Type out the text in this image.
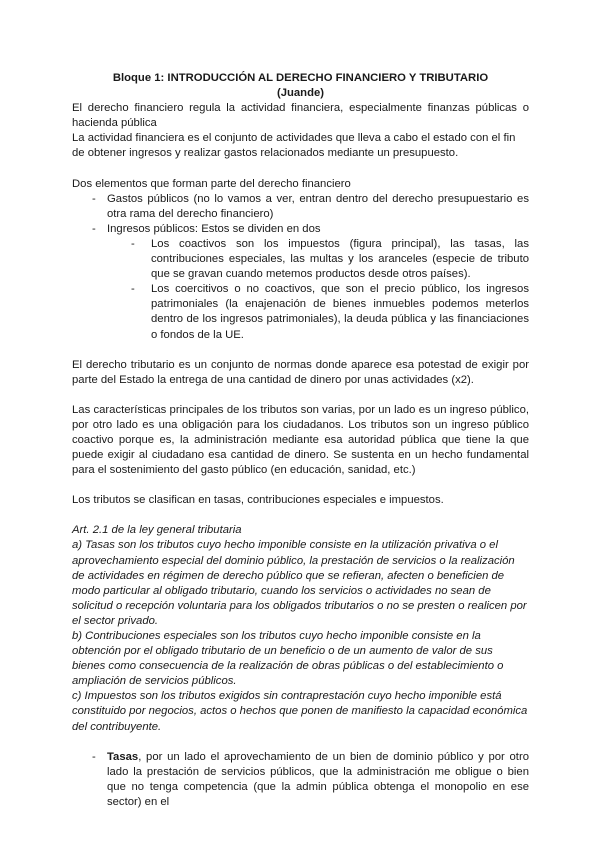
Bloque 1: INTRODUCCIÓN AL DERECHO FINANCIERO Y TRIBUTARIO

(Juande)

El derecho financiero regula la actividad financiera, especialmente finanzas públicas o hacienda pública

La actividad financiera es el conjunto de actividades que lleva a cabo el estado con el fin de obtener ingresos y realizar gastos relacionados mediante un presupuesto.

Dos elementos que forman parte del derecho financiero

- Gastos públicos (no lo vamos a ver, entran dentro del derecho presupuestario es otra rama del derecho financiero)
- Ingresos públicos: Estos se dividen en dos
- Los coactivos son los impuestos (figura principal), las tasas, las contribuciones especiales, las multas y los aranceles (especie de tributo que se gravan cuando metemos productos desde otros países).
- Los coercitivos o no coactivos, que son el precio público, los ingresos patrimoniales (la enajenación de bienes inmuebles podemos meterlos dentro de los ingresos patrimoniales), la deuda pública y las financiaciones o fondos de la UE.

El derecho tributario es un conjunto de normas donde aparece esa potestad de exigir por parte del Estado la entrega de una cantidad de dinero por unas actividades (x2).

Las características principales de los tributos son varias, por un lado es un ingreso público, por otro lado es una obligación para los ciudadanos. Los tributos son un ingreso público coactivo porque es, la administración mediante esa autoridad pública que tiene la que puede exigir al ciudadano esa cantidad de dinero. Se sustenta en un hecho fundamental para el sostenimiento del gasto público (en educación, sanidad, etc.)

Los tributos se clasifican en tasas, contribuciones especiales e impuestos.

Art. 2.1 de la ley general tributaria

a) Tasas son los tributos cuyo hecho imponible consiste en la utilización privativa o el aprovechamiento especial del dominio público, la prestación de servicios o la realización de actividades en régimen de derecho público que se refieran, afecten o beneficien de modo particular al obligado tributario, cuando los servicios o actividades no sean de solicitud o recepción voluntaria para los obligados tributarios o no se presten o realicen por el sector privado.

b) Contribuciones especiales son los tributos cuyo hecho imponible consiste en la obtención por el obligado tributario de un beneficio o de un aumento de valor de sus bienes como consecuencia de la realización de obras públicas o del establecimiento o ampliación de servicios públicos.

c) Impuestos son los tributos exigidos sin contraprestación cuyo hecho imponible está constituido por negocios, actos o hechos que ponen de manifiesto la capacidad económica del contribuyente.

- Tasas, por un lado el aprovechamiento de un bien de dominio público y por otro lado la prestación de servicios públicos, que la administración me obligue o bien que no tenga competencia (que la admin pública obtenga el monopolio en ese sector) en el
